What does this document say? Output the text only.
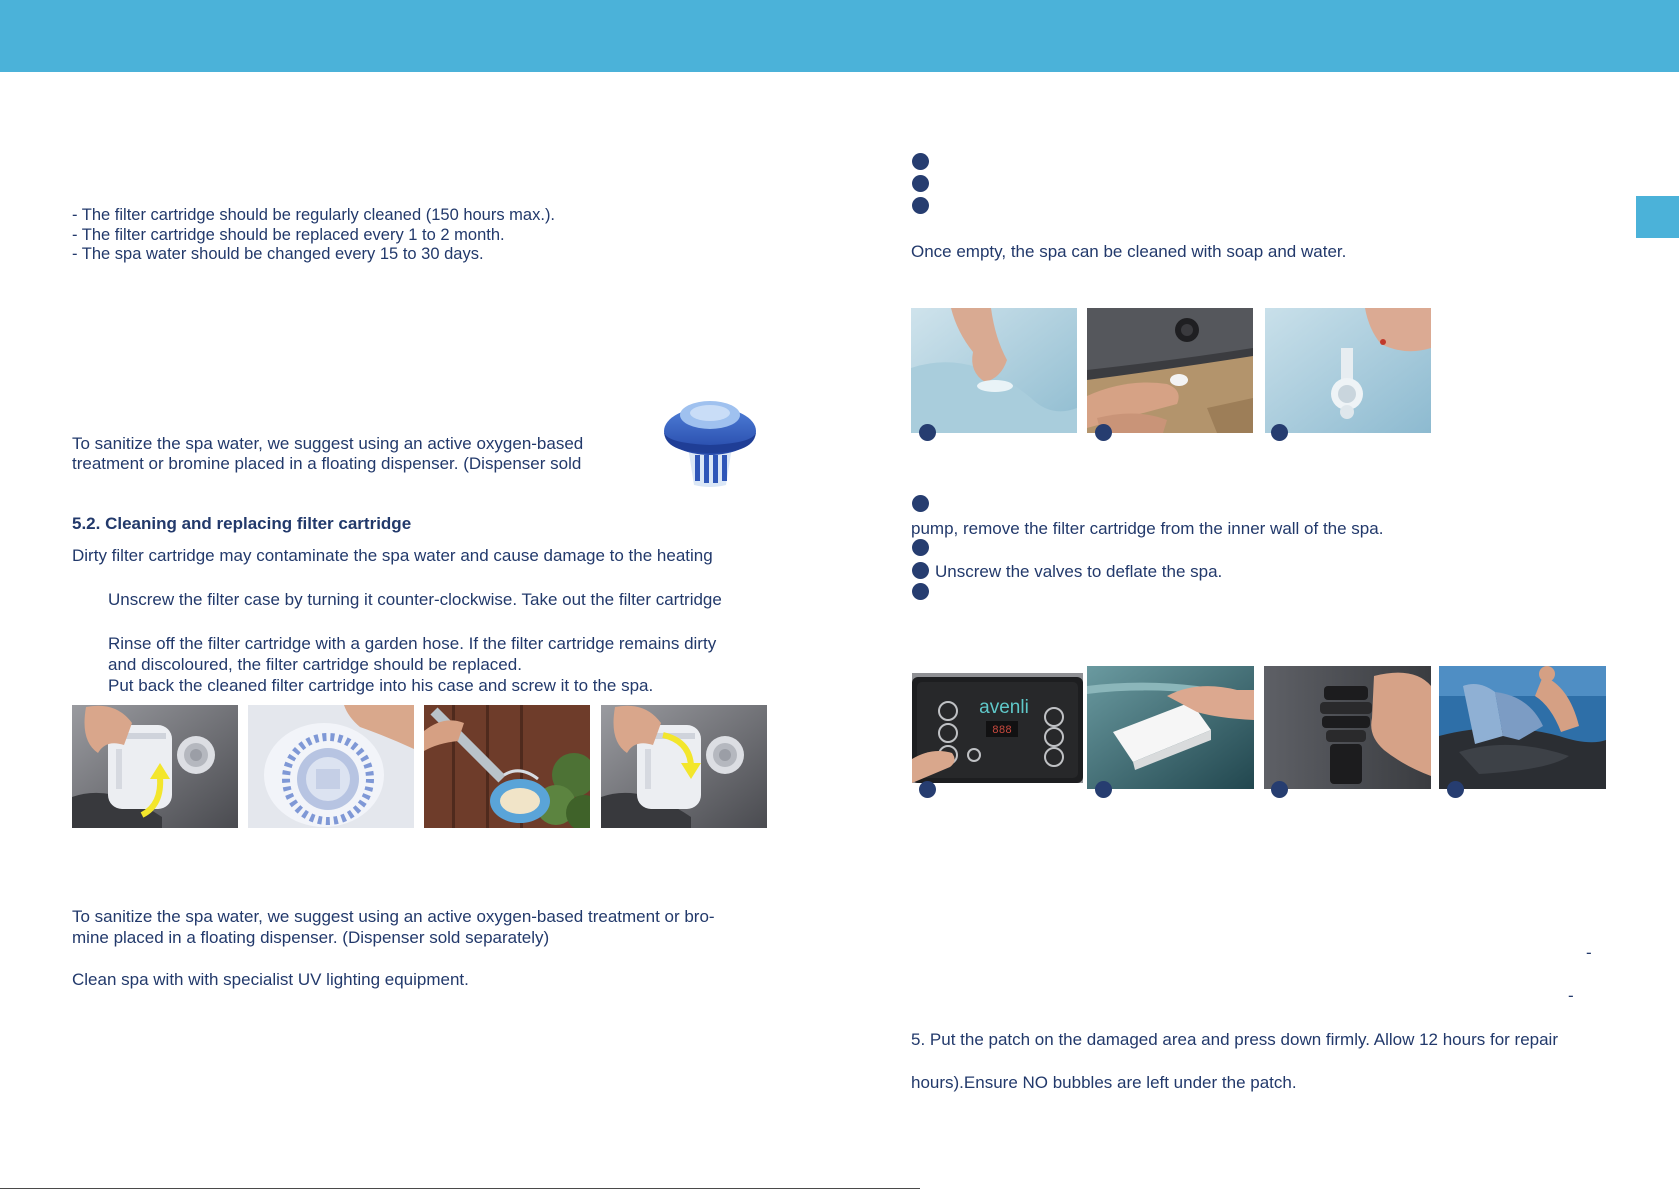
- The filter cartridge should be regularly cleaned (150 hours max.).
- The filter cartridge should be replaced every 1 to 2 month.
- The spa water should be changed every 15 to 30 days.
To sanitize the spa water, we suggest using an active oxygen-based
treatment or bromine placed in a floating dispenser. (Dispenser sold
5.2. Cleaning and replacing filter cartridge
Dirty filter cartridge may contaminate the spa water and cause damage to the heating
Unscrew the filter case by turning it counter-clockwise. Take out the filter cartridge
Rinse off the filter cartridge with a garden hose. If the filter cartridge remains dirty
and discoloured, the filter cartridge should be replaced.
Put back the cleaned filter cartridge into his case and screw it to the spa.
To sanitize the spa water, we suggest using an active oxygen-based treatment or bro-
mine placed in a floating dispenser. (Dispenser sold separately)
Clean spa with with specialist UV lighting equipment.
Once empty, the spa can be cleaned with soap and water.
pump, remove the filter cartridge from the inner wall of the spa.
Unscrew the valves to deflate the spa.
avenli
888
-
-
5. Put the patch on the damaged area and press down firmly. Allow 12 hours for repair
hours).Ensure NO bubbles are left under the patch.
